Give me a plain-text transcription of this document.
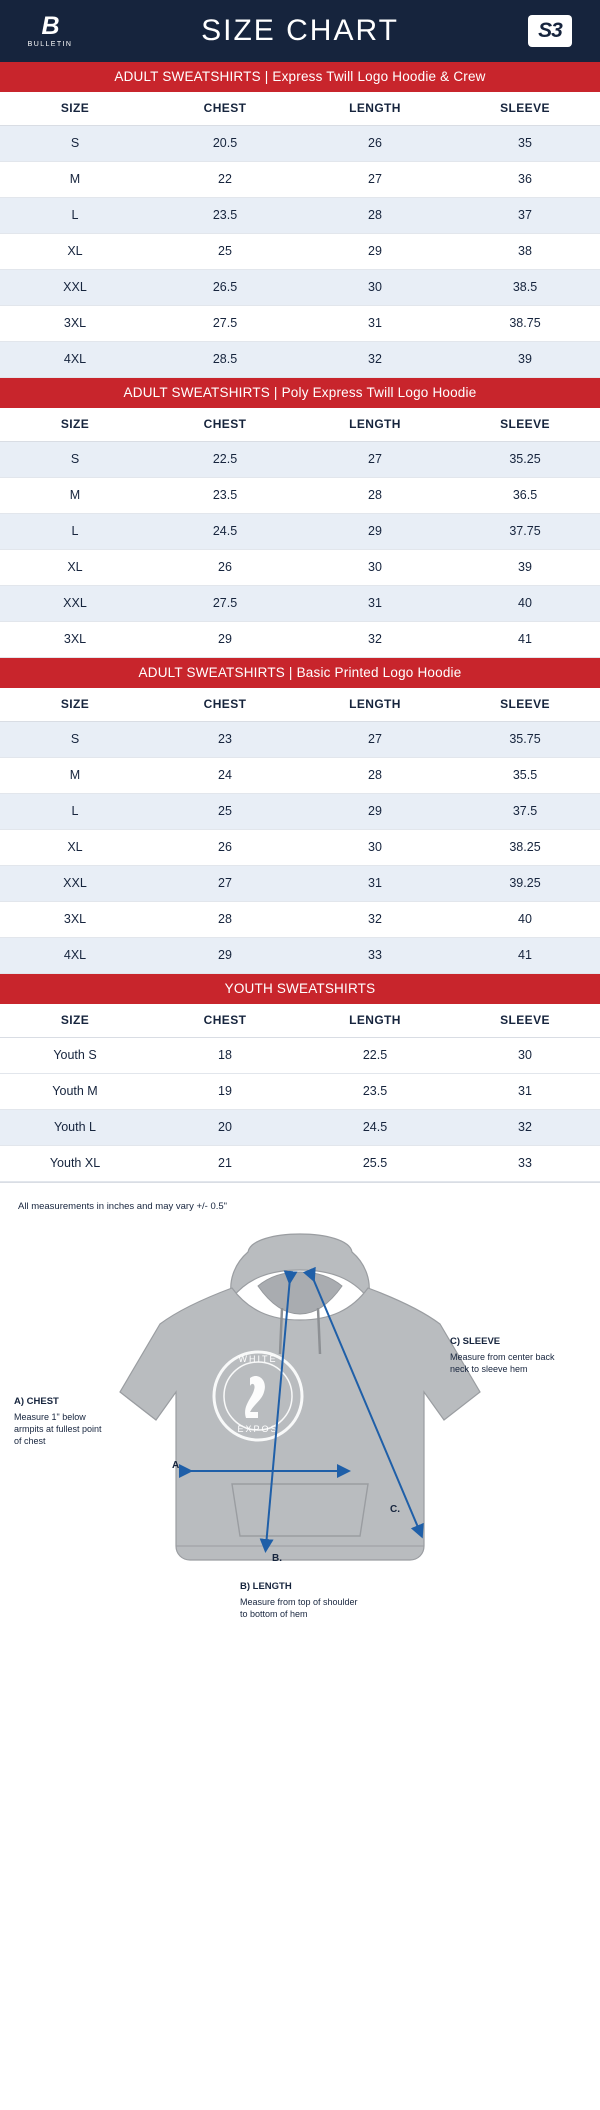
B
BULLETIN	SIZE CHART	S3
ADULT SWEATSHIRTS | Express Twill Logo Hoodie & Crew
SIZE	CHEST	LENGTH	SLEEVE
S	20.5	26	35
M	22	27	36
L	23.5	28	37
XL	25	29	38
XXL	26.5	30	38.5
3XL	27.5	31	38.75
4XL	28.5	32	39
ADULT SWEATSHIRTS | Poly Express Twill Logo Hoodie
SIZE	CHEST	LENGTH	SLEEVE
S	22.5	27	35.25
M	23.5	28	36.5
L	24.5	29	37.75
XL	26	30	39
XXL	27.5	31	40
3XL	29	32	41
ADULT SWEATSHIRTS | Basic Printed Logo Hoodie
SIZE	CHEST	LENGTH	SLEEVE
S	23	27	35.75
M	24	28	35.5
L	25	29	37.5
XL	26	30	38.25
XXL	27	31	39.25
3XL	28	32	40
4XL	29	33	41
YOUTH SWEATSHIRTS
SIZE	CHEST	LENGTH	SLEEVE
Youth S	18	22.5	30
Youth M	19	23.5	31
Youth L	20	24.5	32
Youth XL	21	25.5	33
All measurements in inches and may vary +/- 0.5"
WHITE
EXPOS
A
B.
C.
A) CHEST
Measure 1" below armpits at fullest point of chest
C) SLEEVE
Measure from center back neck to sleeve hem
B) LENGTH
Measure from top of shoulder to bottom of hem
